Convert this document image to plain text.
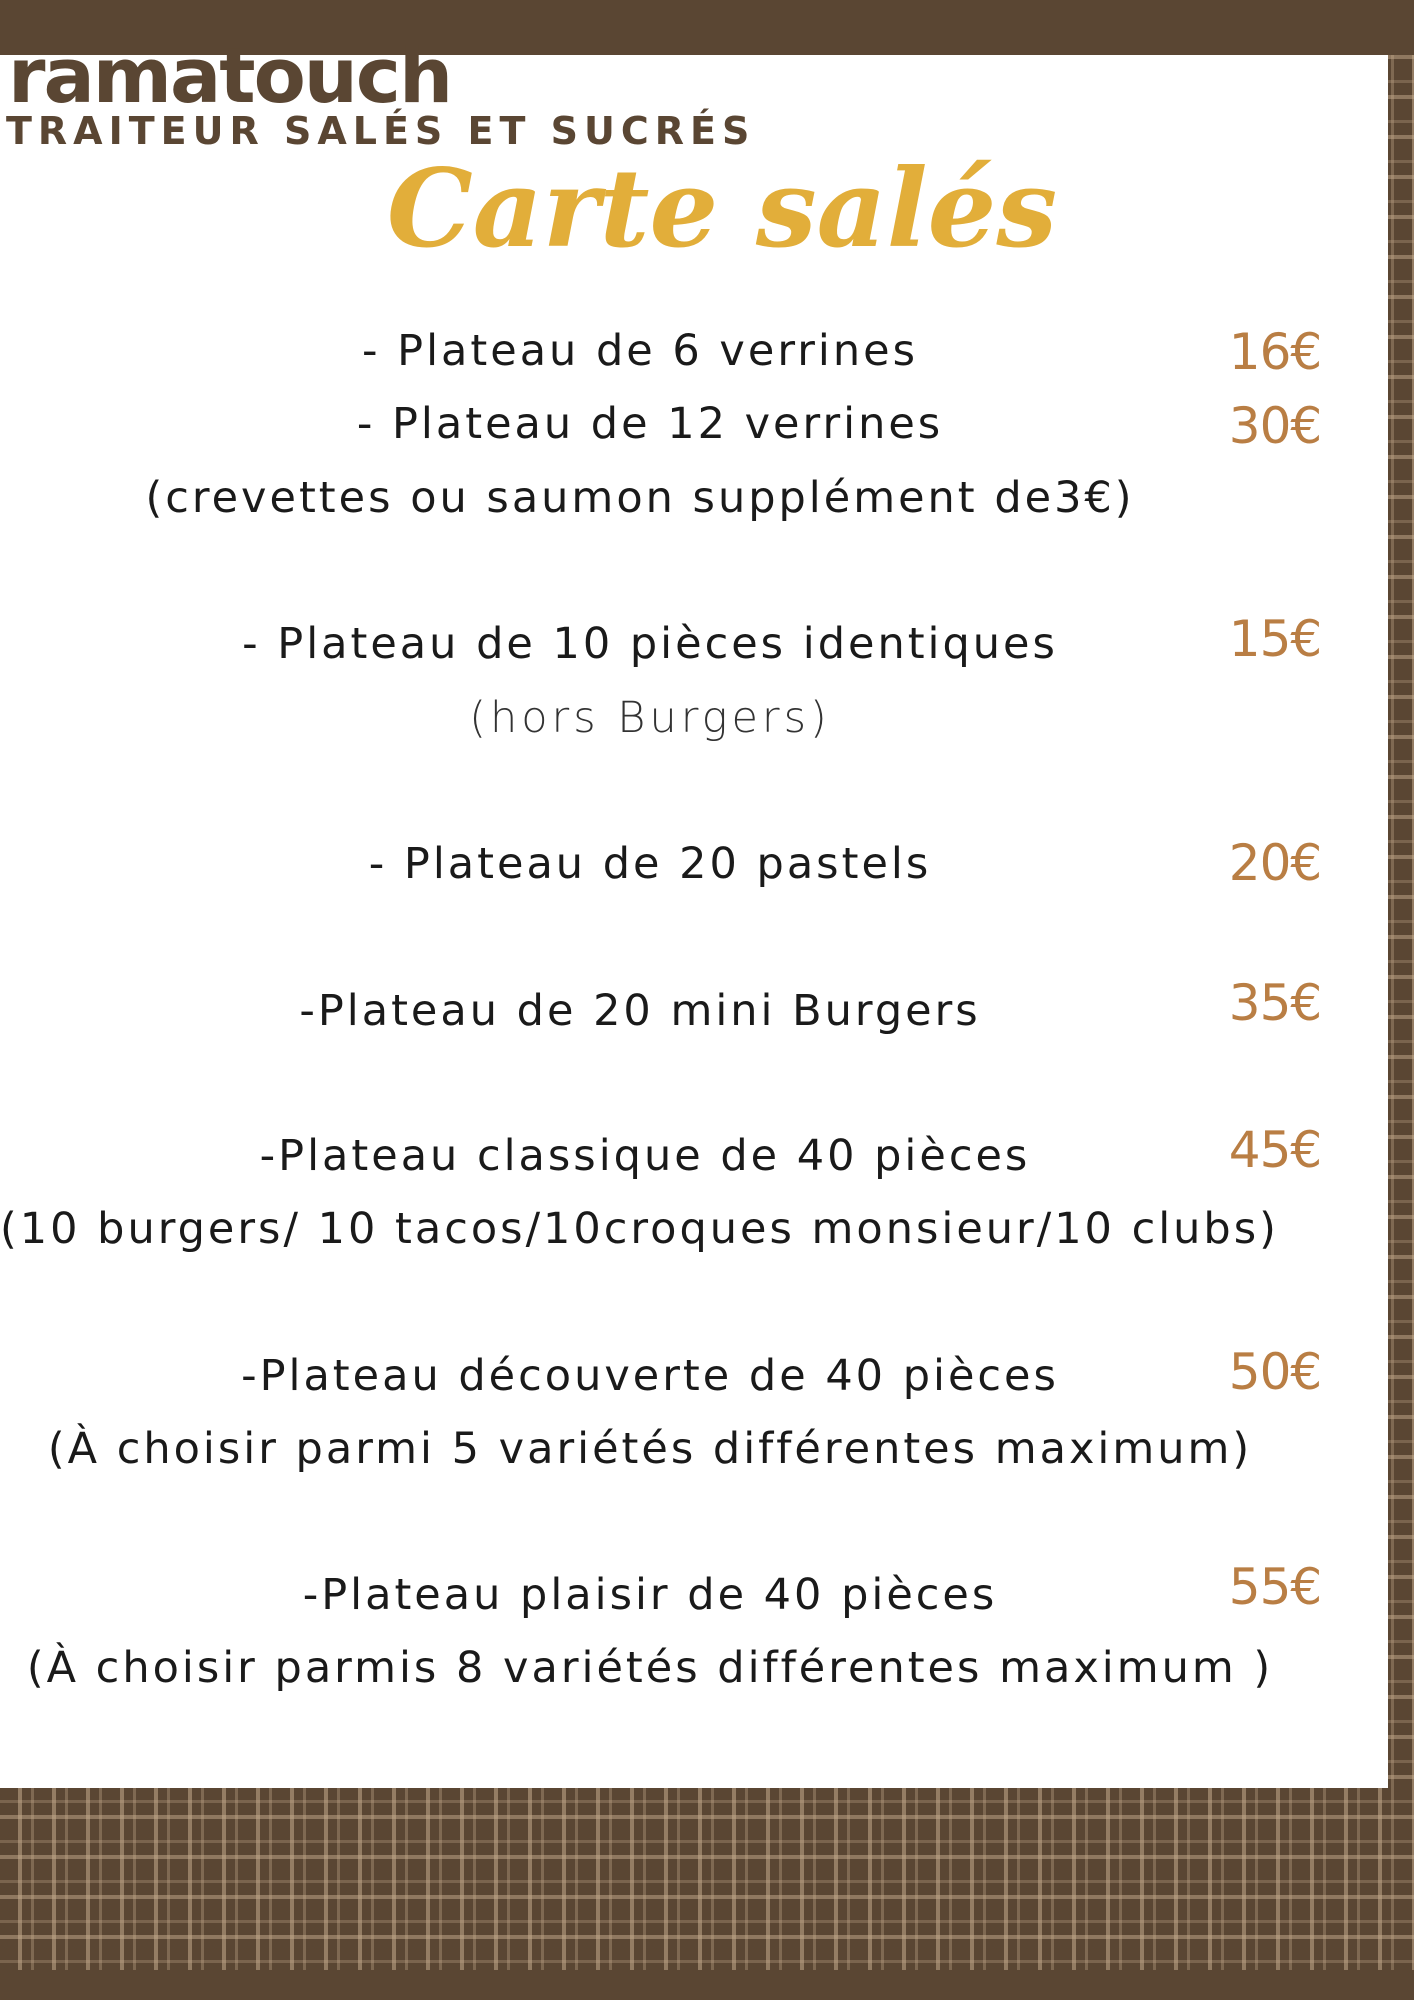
ramatouch
TRAITEUR SALÉS ET SUCRÉS
Carte salés
- Plateau de 6 verrines	16€
- Plateau de 12 verrines	30€
(crevettes ou saumon supplément de3€)
- Plateau de 10 pièces identiques	15€
(hors Burgers)
- Plateau de 20 pastels	20€
-Plateau de 20 mini Burgers	35€
-Plateau classique de 40 pièces	45€
(10 burgers/ 10 tacos/10croques monsieur/10 clubs)
-Plateau découverte de 40 pièces	50€
(À choisir parmi 5 variétés différentes maximum)
-Plateau plaisir de 40 pièces	55€
(À choisir parmis 8 variétés différentes maximum )
